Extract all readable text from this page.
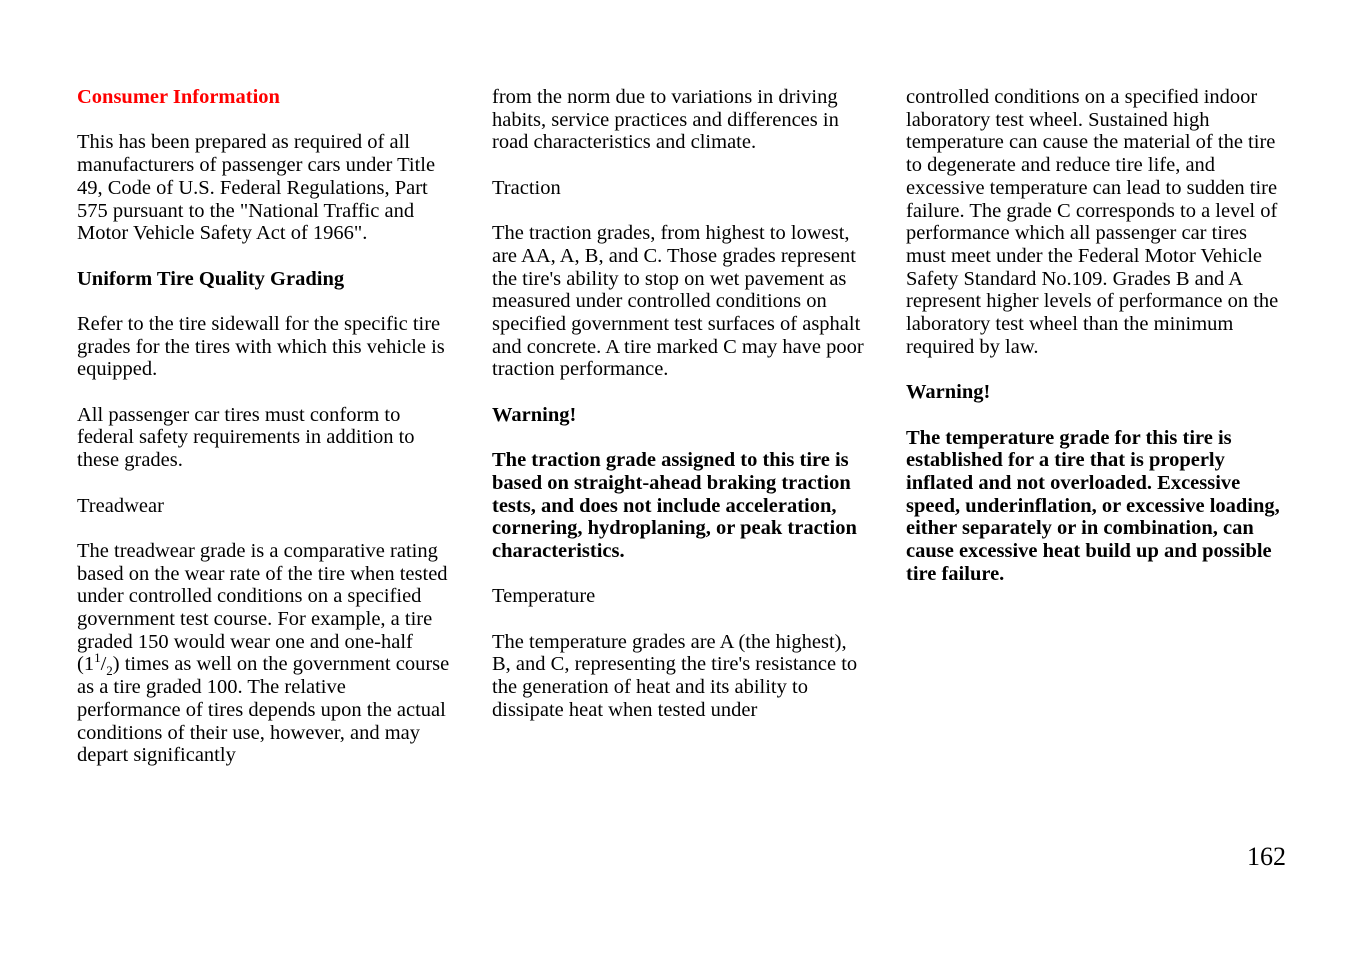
Consumer Information

This has been prepared as required of all manufacturers of passenger cars under Title 49, Code of U.S. Federal Regulations, Part 575 pursuant to the "National Traffic and Motor Vehicle Safety Act of 1966".

Uniform Tire Quality Grading

Refer to the tire sidewall for the specific tire grades for the tires with which this vehicle is equipped.

All passenger car tires must conform to federal safety requirements in addition to these grades.

Treadwear

The treadwear grade is a comparative rating based on the wear rate of the tire when tested under controlled conditions on a specified government test course. For example, a tire graded 150 would wear one and one-half $(1^1/_2)$ times as well on the government course as a tire graded 100. The relative performance of tires depends upon the actual conditions of their use, however, and may depart significantly

from the norm due to variations in driving habits, service practices and differences in road characteristics and climate.

Traction

The traction grades, from highest to lowest, are AA, A, B, and C. Those grades represent the tire's ability to stop on wet pavement as measured under controlled conditions on specified government test surfaces of asphalt and concrete. A tire marked C may have poor traction performance.

Warning!

The traction grade assigned to this tire is based on straight-ahead braking traction tests, and does not include acceleration, cornering, hydroplaning, or peak traction characteristics.

Temperature

The temperature grades are A (the highest), B, and C, representing the tire's resistance to the generation of heat and its ability to dissipate heat when tested under

controlled conditions on a specified indoor laboratory test wheel. Sustained high temperature can cause the material of the tire to degenerate and reduce tire life, and excessive temperature can lead to sudden tire failure. The grade C corresponds to a level of performance which all passenger car tires must meet under the Federal Motor Vehicle Safety Standard No.109. Grades B and A represent higher levels of performance on the laboratory test wheel than the minimum required by law.

Warning!

The temperature grade for this tire is established for a tire that is properly inflated and not overloaded. Excessive speed, underinflation, or excessive loading, either separately or in combination, can cause excessive heat build up and possible tire failure.

162
